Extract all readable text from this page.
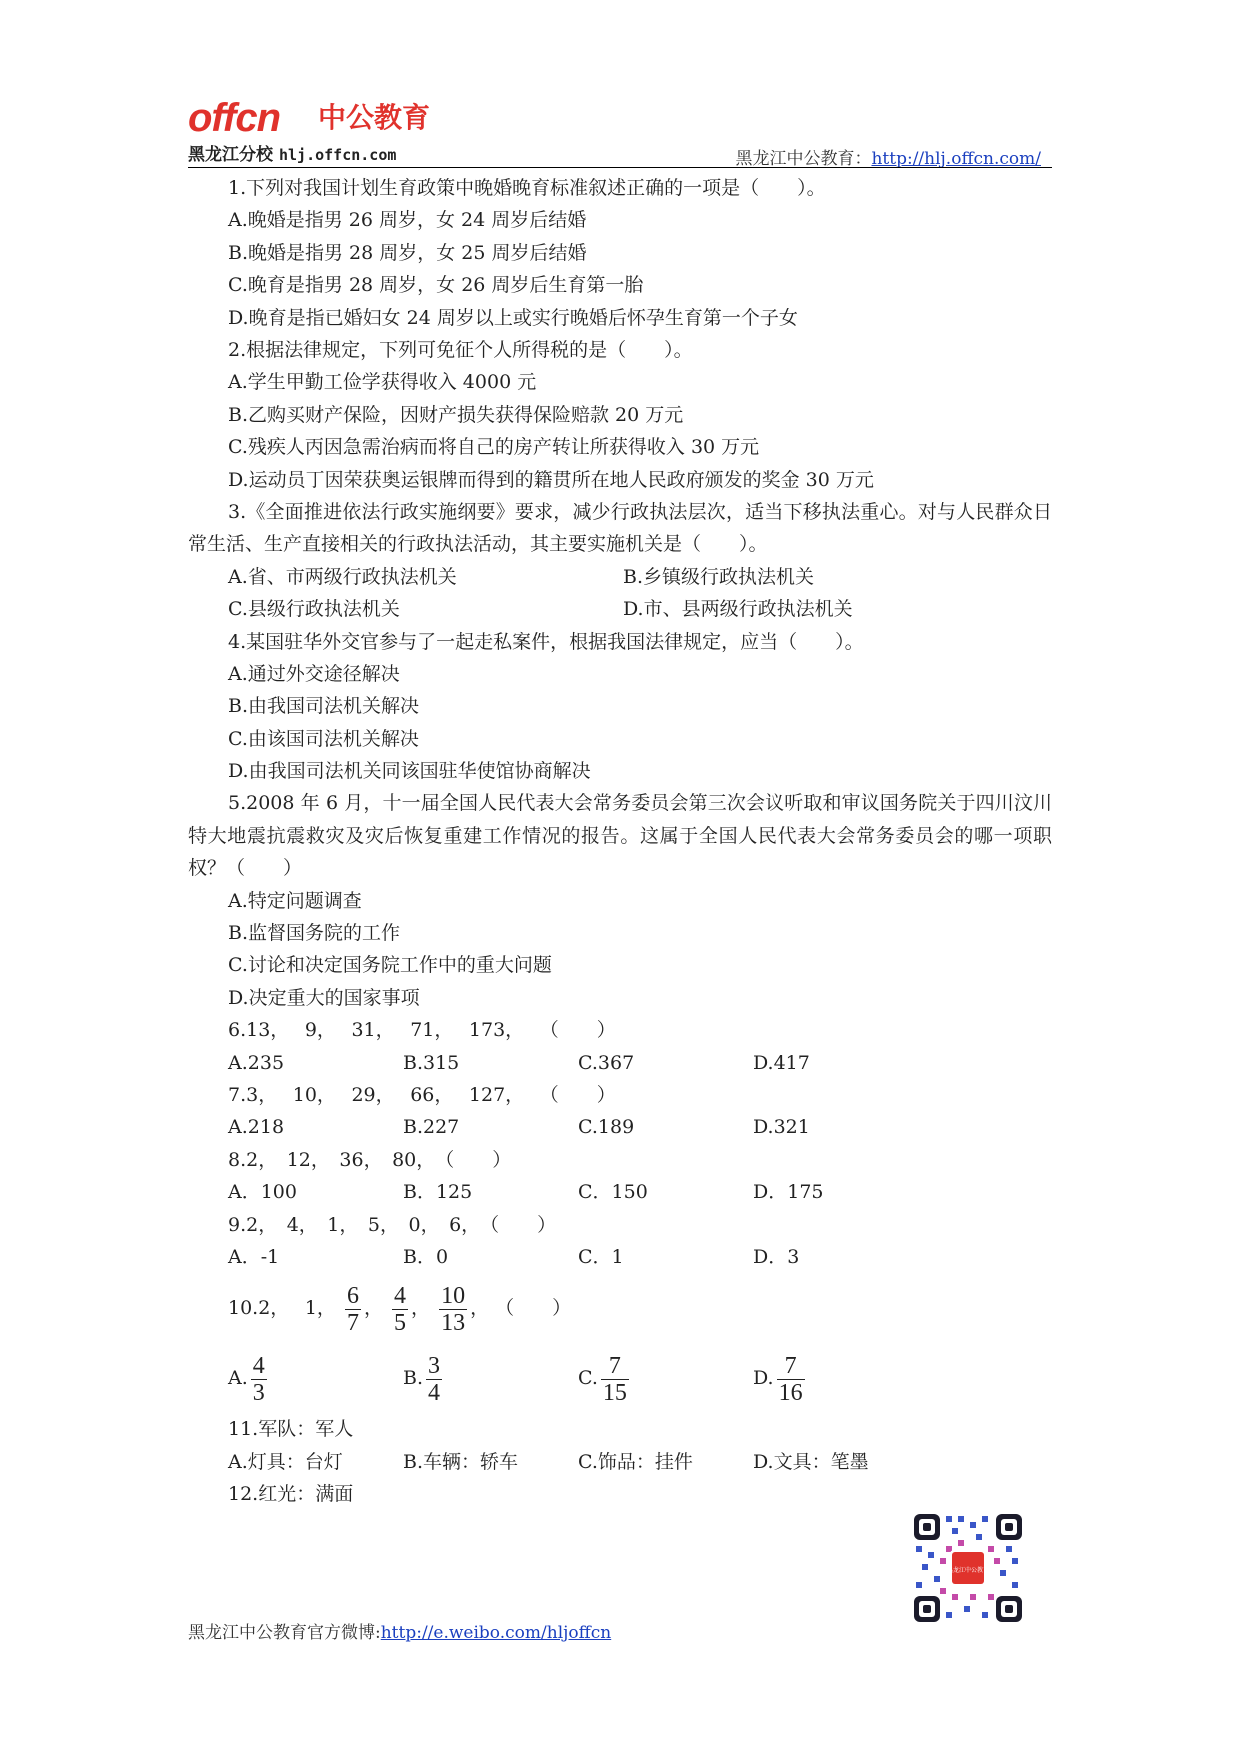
offcn 中公教育
黑龙江分校 hlj.offcn.com	黑龙江中公教育：http://hlj.offcn.com/
1.下列对我国计划生育政策中晚婚晚育标准叙述正确的一项是（　　）。
A.晚婚是指男 26 周岁，女 24 周岁后结婚
B.晚婚是指男 28 周岁，女 25 周岁后结婚
C.晚育是指男 28 周岁，女 26 周岁后生育第一胎
D.晚育是指已婚妇女 24 周岁以上或实行晚婚后怀孕生育第一个子女
2.根据法律规定，下列可免征个人所得税的是（　　）。
A.学生甲勤工俭学获得收入 4000 元
B.乙购买财产保险，因财产损失获得保险赔款 20 万元
C.残疾人丙因急需治病而将自己的房产转让所获得收入 30 万元
D.运动员丁因荣获奥运银牌而得到的籍贯所在地人民政府颁发的奖金 30 万元
3.《全面推进依法行政实施纲要》要求，减少行政执法层次，适当下移执法重心。对与人民群众日常生活、生产直接相关的行政执法活动，其主要实施机关是（　　）。
A.省、市两级行政执法机关	B.乡镇级行政执法机关
C.县级行政执法机关	D.市、县两级行政执法机关
4.某国驻华外交官参与了一起走私案件，根据我国法律规定，应当（　　）。
A.通过外交途径解决
B.由我国司法机关解决
C.由该国司法机关解决
D.由我国司法机关同该国驻华使馆协商解决
5.2008 年 6 月，十一届全国人民代表大会常务委员会第三次会议听取和审议国务院关于四川汶川特大地震抗震救灾及灾后恢复重建工作情况的报告。这属于全国人民代表大会常务委员会的哪一项职权？（　　）
A.特定问题调查
B.监督国务院的工作
C.讨论和决定国务院工作中的重大问题
D.决定重大的国家事项
6.13，　 9，　 31，　 71，　 173，　 （　　）
A.235	B.315	C.367	D.417
7.3，　 10，　 29，　 66，　 127，　 （　　）
A.218	B.227	C.189	D.321
8.2，　12，　36，　80，　（　　）
A．100	B．125	C．150	D．175
9.2，　4，　1，　5，　0，　6，　（　　）
A．-1	B．0	C．1	D．3
10.2，　 1， $\frac{6}{7}$ ， $\frac{4}{5}$ ， $\frac{10}{13}$ ， （　　）
A. $\frac{4}{3}$	B. $\frac{3}{4}$	C. $\frac{7}{15}$	D. $\frac{7}{16}$
11.军队：军人
A.灯具：台灯	B.车辆：轿车	C.饰品：挂件	D.文具：笔墨
12.红光：满面
黑龙江中公教育
黑龙江中公教育官方微博:http://e.weibo.com/hljoffcn
